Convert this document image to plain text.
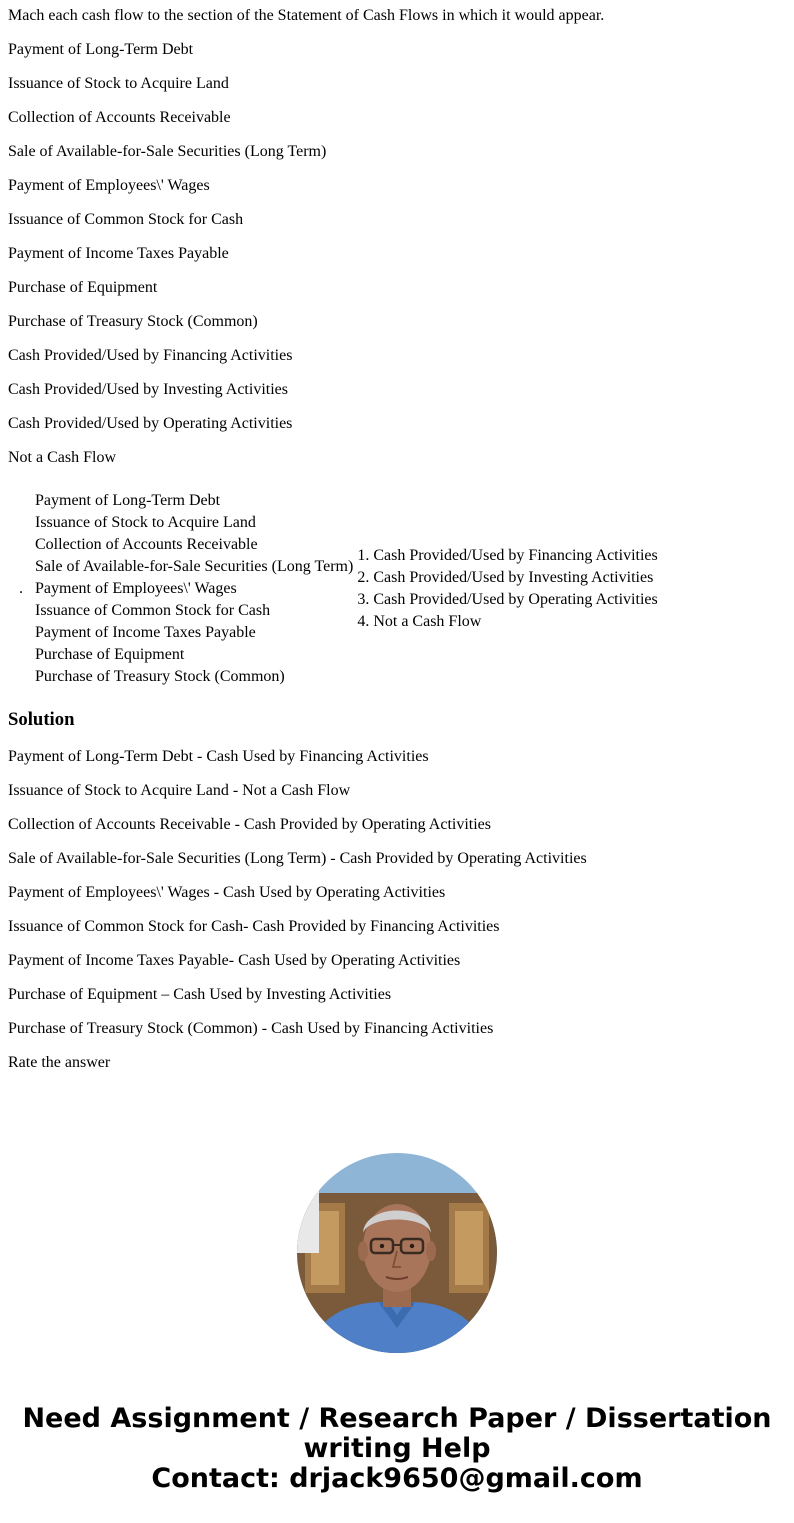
Mach each cash flow to the section of the Statement of Cash Flows in which it would appear.

Payment of Long-Term Debt

Issuance of Stock to Acquire Land

Collection of Accounts Receivable

Sale of Available-for-Sale Securities (Long Term)

Payment of Employees\' Wages

Issuance of Common Stock for Cash

Payment of Income Taxes Payable

Purchase of Equipment

Purchase of Treasury Stock (Common)

Cash Provided/Used by Financing Activities

Cash Provided/Used by Investing Activities

Cash Provided/Used by Operating Activities

Not a Cash Flow

.	
Payment of Long-Term Debt
Issuance of Stock to Acquire Land
Collection of Accounts Receivable
Sale of Available-for-Sale Securities (Long Term)
Payment of Employees\' Wages
Issuance of Common Stock for Cash
Payment of Income Taxes Payable
Purchase of Equipment
Purchase of Treasury Stock (Common)

1. Cash Provided/Used by Financing Activities
2. Cash Provided/Used by Investing Activities
3. Cash Provided/Used by Operating Activities
4. Not a Cash Flow
Solution

Payment of Long-Term Debt - Cash Used by Financing Activities

Issuance of Stock to Acquire Land - Not a Cash Flow

Collection of Accounts Receivable - Cash Provided by Operating Activities

Sale of Available-for-Sale Securities (Long Term) - Cash Provided by Operating Activities

Payment of Employees\' Wages - Cash Used by Operating Activities

Issuance of Common Stock for Cash- Cash Provided by Financing Activities

Payment of Income Taxes Payable- Cash Used by Operating Activities

Purchase of Equipment – Cash Used by Investing Activities

Purchase of Treasury Stock (Common) - Cash Used by Financing Activities

Rate the answer

Need Assignment / Research Paper / Dissertation
writing Help
Contact: drjack9650@gmail.com
